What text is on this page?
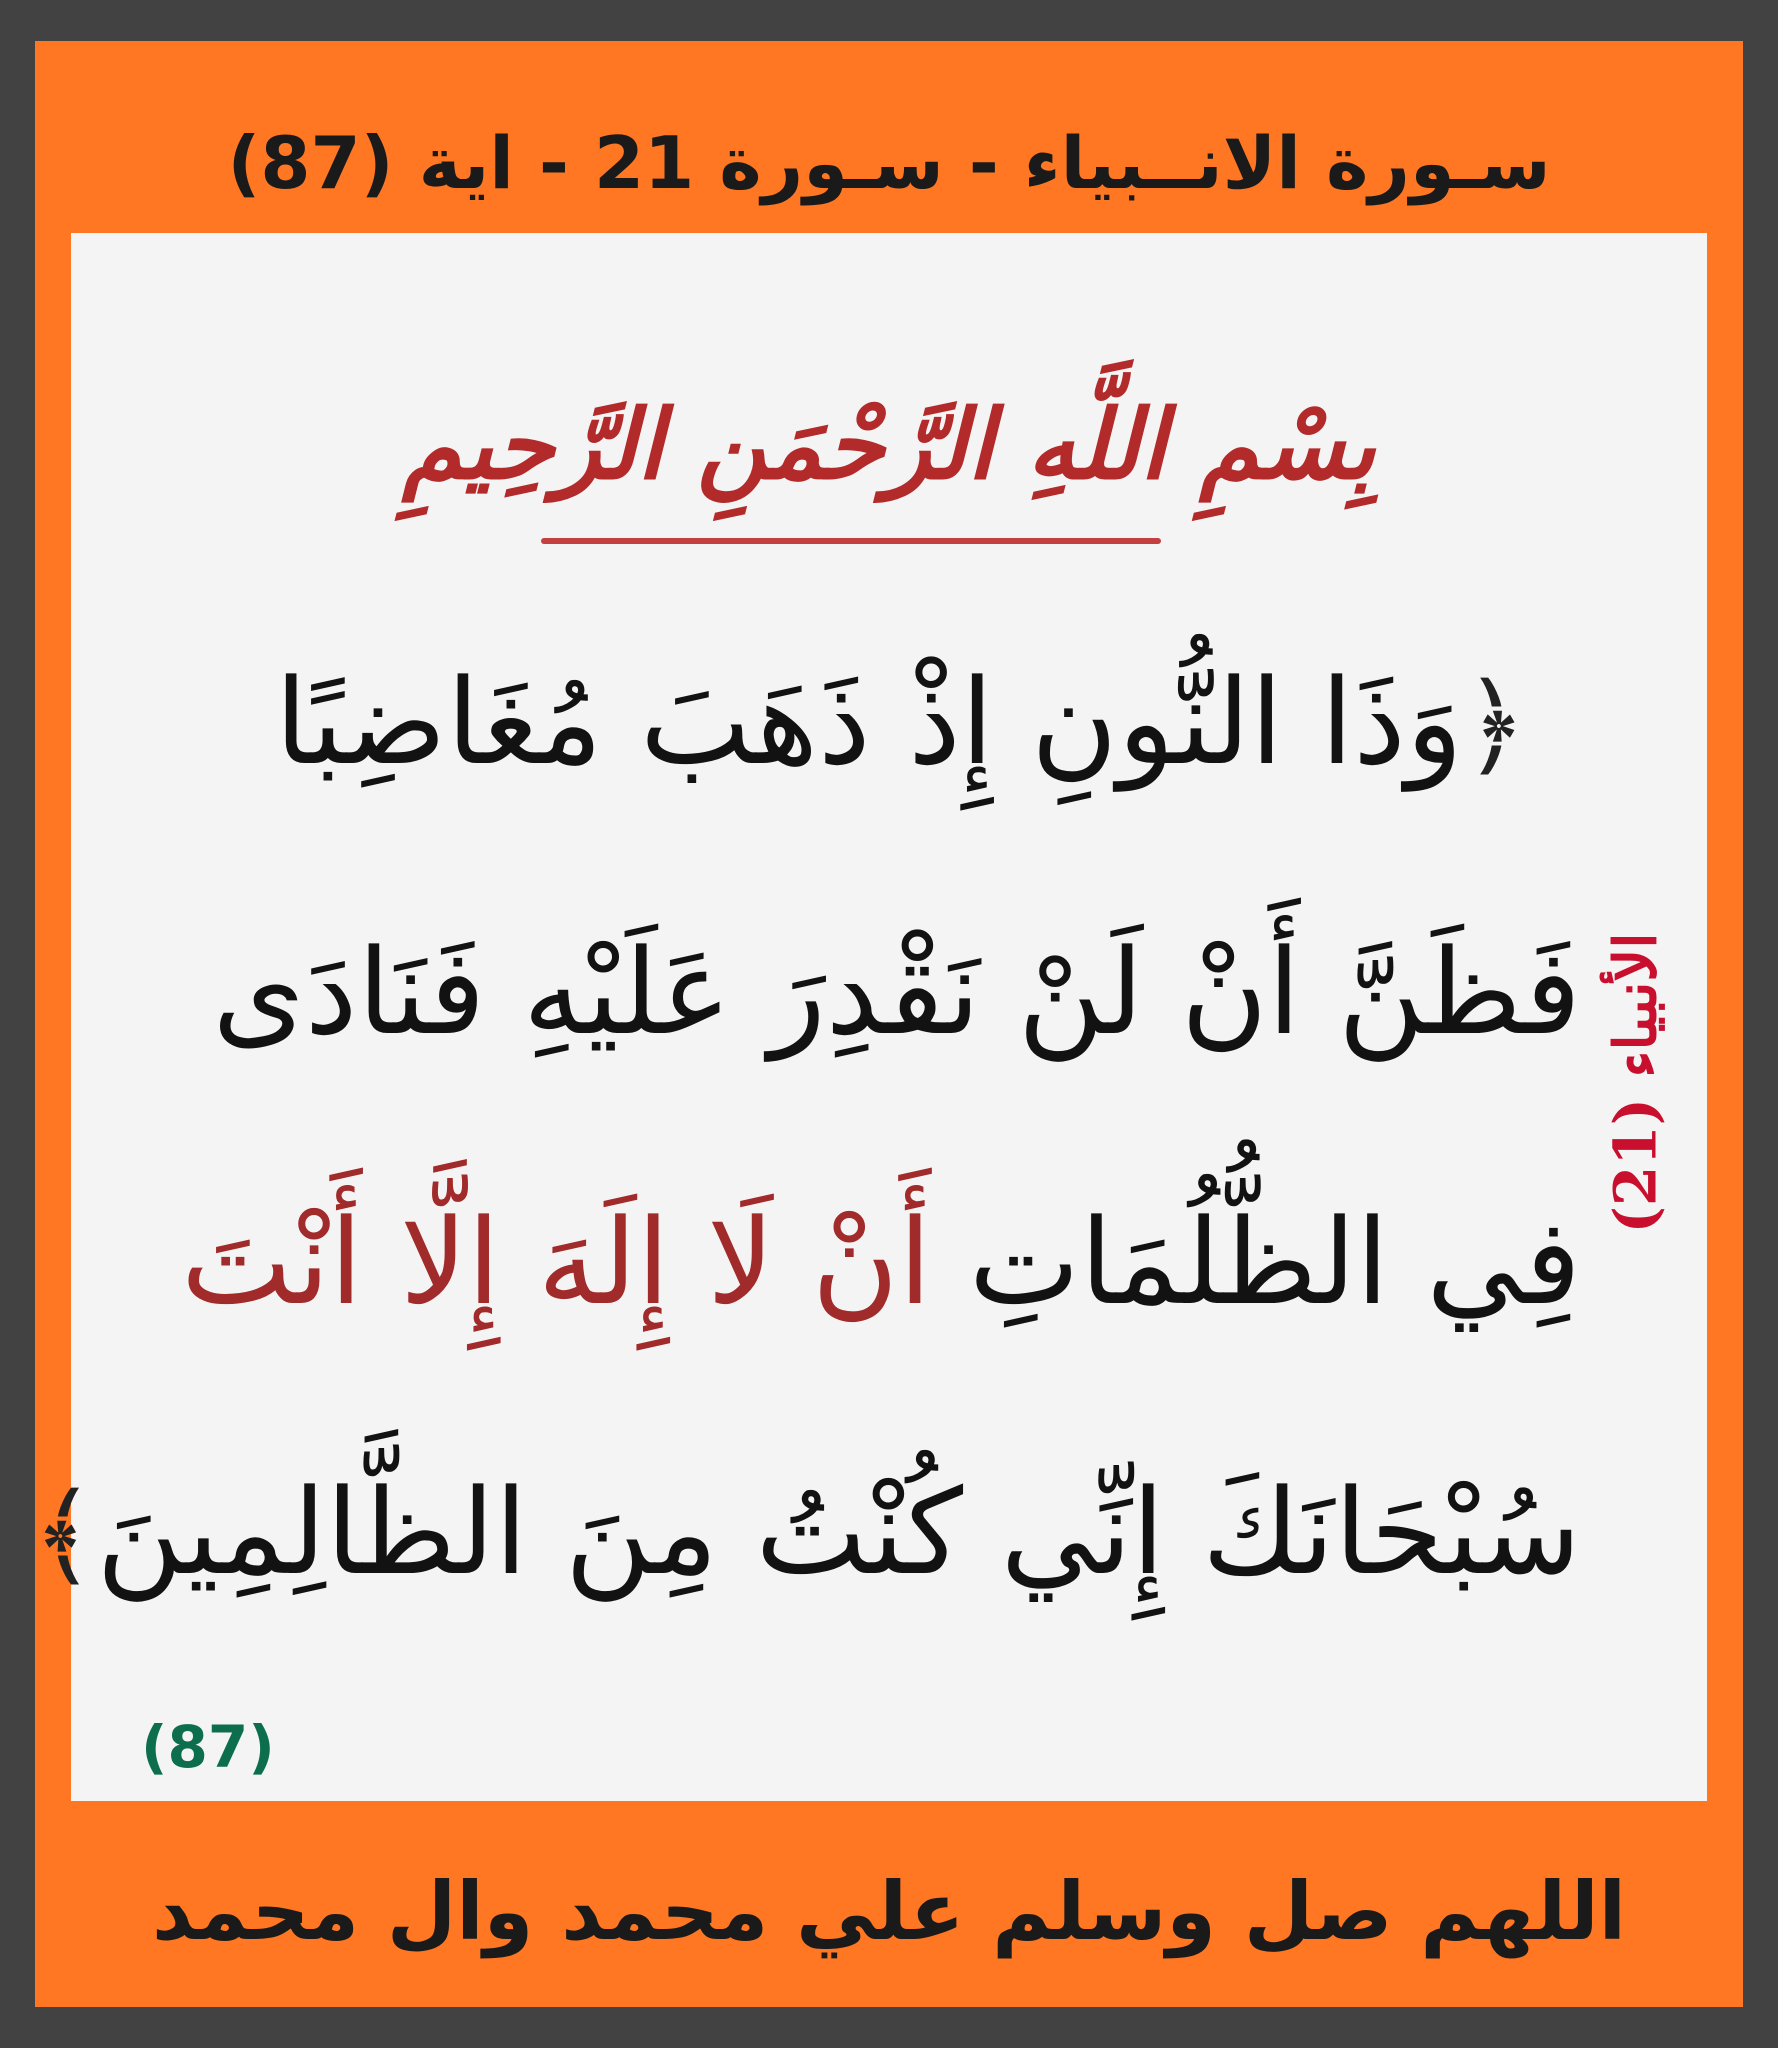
سـورة الانــبياء - سـورة 21 - اية (87)
بِسْمِ اللَّهِ الرَّحْمَنِ الرَّحِيمِ
﴿وَذَا النُّونِ إِذْ ذَهَبَ مُغَاضِبًا
فَظَنَّ أَنْ لَنْ نَقْدِرَ عَلَيْهِ فَنَادَى
فِي الظُّلُمَاتِ أَنْ لَا إِلَهَ إِلَّا أَنْتَ
سُبْحَانَكَ إِنِّي كُنْتُ مِنَ الظَّالِمِينَ﴾
الأنبياء (21)
(87)
اللهم صل وسلم علي محمد وال محمد
